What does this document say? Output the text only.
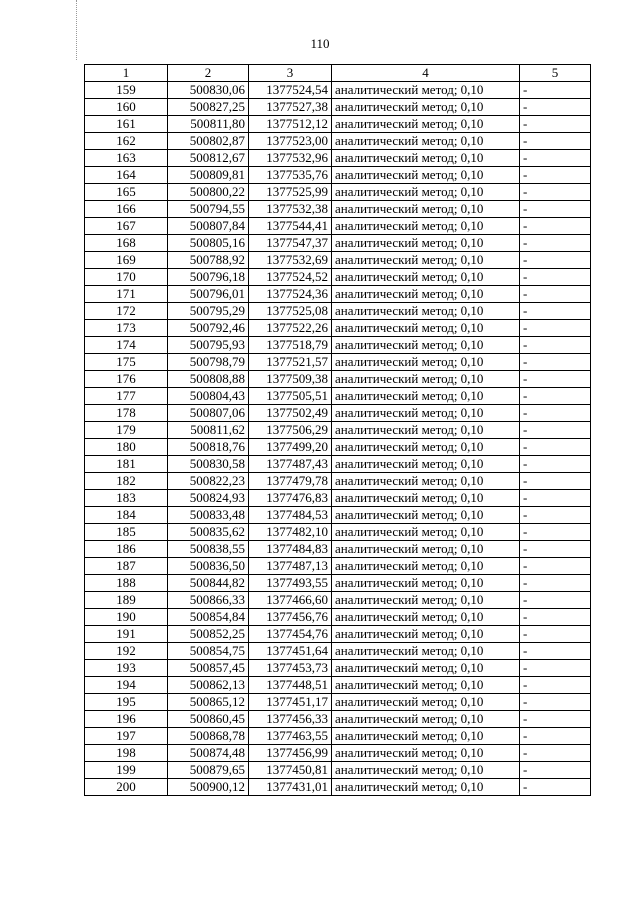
110
1	2	3	4	5
159	500830,06	1377524,54	аналитический метод; 0,10	-
160	500827,25	1377527,38	аналитический метод; 0,10	-
161	500811,80	1377512,12	аналитический метод; 0,10	-
162	500802,87	1377523,00	аналитический метод; 0,10	-
163	500812,67	1377532,96	аналитический метод; 0,10	-
164	500809,81	1377535,76	аналитический метод; 0,10	-
165	500800,22	1377525,99	аналитический метод; 0,10	-
166	500794,55	1377532,38	аналитический метод; 0,10	-
167	500807,84	1377544,41	аналитический метод; 0,10	-
168	500805,16	1377547,37	аналитический метод; 0,10	-
169	500788,92	1377532,69	аналитический метод; 0,10	-
170	500796,18	1377524,52	аналитический метод; 0,10	-
171	500796,01	1377524,36	аналитический метод; 0,10	-
172	500795,29	1377525,08	аналитический метод; 0,10	-
173	500792,46	1377522,26	аналитический метод; 0,10	-
174	500795,93	1377518,79	аналитический метод; 0,10	-
175	500798,79	1377521,57	аналитический метод; 0,10	-
176	500808,88	1377509,38	аналитический метод; 0,10	-
177	500804,43	1377505,51	аналитический метод; 0,10	-
178	500807,06	1377502,49	аналитический метод; 0,10	-
179	500811,62	1377506,29	аналитический метод; 0,10	-
180	500818,76	1377499,20	аналитический метод; 0,10	-
181	500830,58	1377487,43	аналитический метод; 0,10	-
182	500822,23	1377479,78	аналитический метод; 0,10	-
183	500824,93	1377476,83	аналитический метод; 0,10	-
184	500833,48	1377484,53	аналитический метод; 0,10	-
185	500835,62	1377482,10	аналитический метод; 0,10	-
186	500838,55	1377484,83	аналитический метод; 0,10	-
187	500836,50	1377487,13	аналитический метод; 0,10	-
188	500844,82	1377493,55	аналитический метод; 0,10	-
189	500866,33	1377466,60	аналитический метод; 0,10	-
190	500854,84	1377456,76	аналитический метод; 0,10	-
191	500852,25	1377454,76	аналитический метод; 0,10	-
192	500854,75	1377451,64	аналитический метод; 0,10	-
193	500857,45	1377453,73	аналитический метод; 0,10	-
194	500862,13	1377448,51	аналитический метод; 0,10	-
195	500865,12	1377451,17	аналитический метод; 0,10	-
196	500860,45	1377456,33	аналитический метод; 0,10	-
197	500868,78	1377463,55	аналитический метод; 0,10	-
198	500874,48	1377456,99	аналитический метод; 0,10	-
199	500879,65	1377450,81	аналитический метод; 0,10	-
200	500900,12	1377431,01	аналитический метод; 0,10	-
